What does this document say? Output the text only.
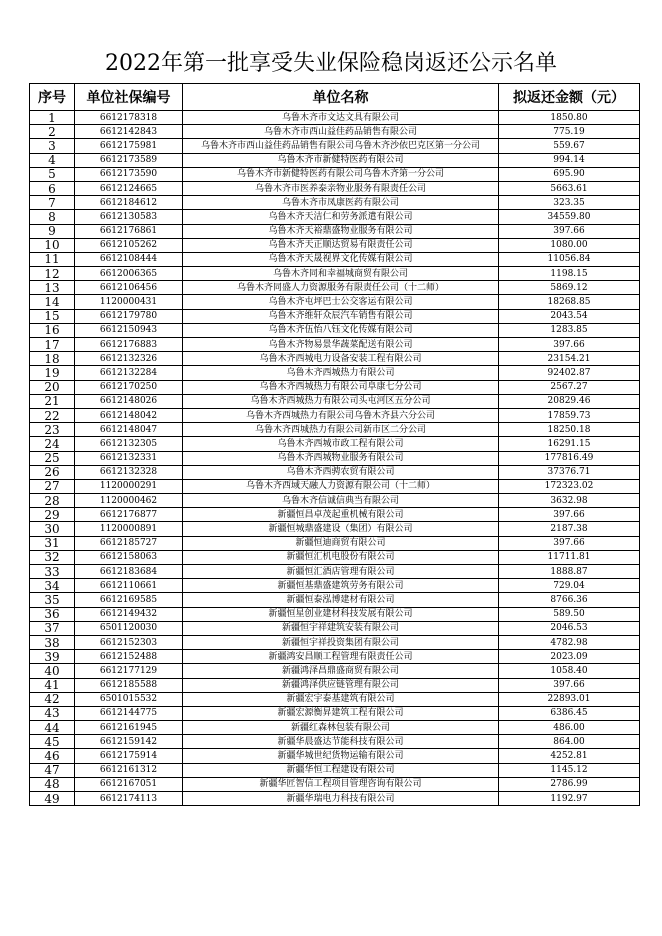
2022年第一批享受失业保险稳岗返还公示名单
序号	单位社保编号	单位名称	拟返还金额（元）
1	6612178318	乌鲁木齐市文达文具有限公司	1850.80
2	6612142843	乌鲁木齐市西山益佳药品销售有限公司	775.19
3	6612175981	乌鲁木齐市西山益佳药品销售有限公司乌鲁木齐沙依巴克区第一分公司	559.67
4	6612173589	乌鲁木齐市新健特医药有限公司	994.14
5	6612173590	乌鲁木齐市新健特医药有限公司乌鲁木齐第一分公司	695.90
6	6612124665	乌鲁木齐市医养泰亲物业服务有限责任公司	5663.61
7	6612184612	乌鲁木齐市凤康医药有限公司	323.35
8	6612130583	乌鲁木齐天洁仁和劳务派遣有限公司	34559.80
9	6612176861	乌鲁木齐天裕鼎盛物业服务有限公司	397.66
10	6612105262	乌鲁木齐天正顺达贸易有限责任公司	1080.00
11	6612108444	乌鲁木齐天晟视界文化传媒有限公司	11056.84
12	6612006365	乌鲁木齐同和幸福城商贸有限公司	1198.15
13	6612106456	乌鲁木齐同盛人力资源服务有限责任公司（十二师）	5869.12
14	1120000431	乌鲁木齐屯坪巴士公交客运有限公司	18268.85
15	6612179780	乌鲁木齐维轩众辰汽车销售有限公司	2043.54
16	6612150943	乌鲁木齐伍怡八钰文化传媒有限公司	1283.85
17	6612176883	乌鲁木齐物易景华蔬菜配送有限公司	397.66
18	6612132326	乌鲁木齐西城电力设备安装工程有限公司	23154.21
19	6612132284	乌鲁木齐西城热力有限公司	92402.87
20	6612170250	乌鲁木齐西城热力有限公司阜康七分公司	2567.27
21	6612148026	乌鲁木齐西城热力有限公司头屯河区五分公司	20829.46
22	6612148042	乌鲁木齐西城热力有限公司乌鲁木齐县六分公司	17859.73
23	6612148047	乌鲁木齐西城热力有限公司新市区二分公司	18250.18
24	6612132305	乌鲁木齐西城市政工程有限公司	16291.15
25	6612132331	乌鲁木齐西城物业服务有限公司	177816.49
26	6612132328	乌鲁木齐西骋农贸有限公司	37376.71
27	1120000291	乌鲁木齐西域天融人力资源有限公司（十二师）	172323.02
28	1120000462	乌鲁木齐信诚信典当有限公司	3632.98
29	6612176877	新疆恒昌卓茂起重机械有限公司	397.66
30	1120000891	新疆恒城鼎盛建设（集团）有限公司	2187.38
31	6612185727	新疆恒迪商贸有限公司	397.66
32	6612158063	新疆恒汇机电股份有限公司	11711.81
33	6612183684	新疆恒汇酒店管理有限公司	1888.87
34	6612110661	新疆恒基鼎盛建筑劳务有限公司	729.04
35	6612169585	新疆恒泰泓博建材有限公司	8766.36
36	6612149432	新疆恒星创业建材科技发展有限公司	589.50
37	6501120030	新疆恒宇祥建筑安装有限公司	2046.53
38	6612152303	新疆恒宇祥投资集团有限公司	4782.98
39	6612152488	新疆鸿安昌顺工程管理有限责任公司	2023.09
40	6612177129	新疆鸿泽昌鼎盛商贸有限公司	1058.40
41	6612185588	新疆鸿泽供应链管理有限公司	397.66
42	6501015532	新疆宏宇泰基建筑有限公司	22893.01
43	6612144775	新疆宏源衡昇建筑工程有限公司	6386.45
44	6612161945	新疆红森林包装有限公司	486.00
45	6612159142	新疆华晨盛达节能科技有限公司	864.00
46	6612175914	新疆华城世纪货物运输有限公司	4252.81
47	6612161312	新疆华恒工程建设有限公司	1145.12
48	6612167051	新疆华匠智信工程项目管理咨询有限公司	2786.99
49	6612174113	新疆华瑞电力科技有限公司	1192.97
